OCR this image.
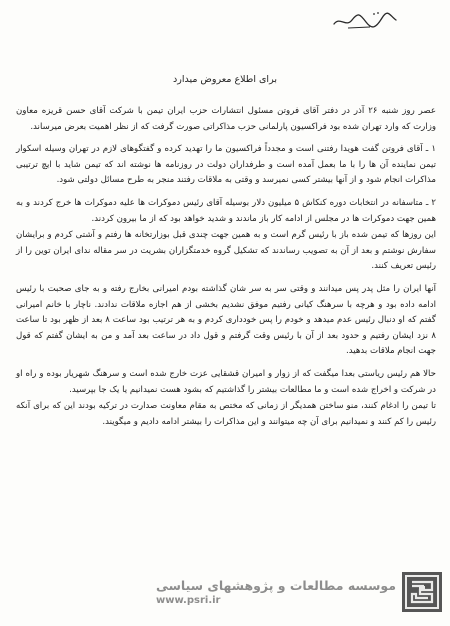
برای اطلاع معروض میدارد

عصر روز شنبه ۲۶ آذر در دفتر آقای فروتن مسئول انتشارات حزب ایران تیمن با شرکت آقای حسن قریزه معاون وزارت که وارد تهران شده بود فراکسیون پارلمانی حزب مذاکراتی صورت گرفت که از نظر اهمیت بعرض میرساند.

۱ ـ آقای فروتن گفت هویدا رفتنی است و مجدداً فراکسیون ما را تهدید کرده و گفتگوهای لازم در تهران وسیله اسکوار تیمن نماینده آن ها را با ما بعمل آمده است و طرفداران دولت در روزنامه ها نوشته اند که تیمن شاید با ایچ ترتیبی مذاکرات انجام شود و از آنها بیشتر کسی نمیرسد و وقتی به ملاقات رفتند منجر به طرح مسائل دولتی شود.

۲ ـ متاسفانه در انتخابات دوره کنکاش ۵ میلیون دلار بوسیله آقای رئیس دموکرات ها علیه دموکرات ها خرج کردند و به همین جهت دموکرات ها در مجلس از ادامه کار باز ماندند و شدید خواهد بود که از ما بیرون کردند.

این روزها که تیمن شده باز با رئیس گرم است و به همین جهت چندی قبل بوزارتخانه ها رفتم و آشتی کردم و برایشان سفارش نوشتم و بعد از آن به تصویب رساندند که تشکیل گروه خدمتگزاران بشریت در سر مقاله ندای ایران توین را از رئیس تعریف کنند.

آنها ایران را مثل پدر پس میدانند و وقتی سر به سر شان گذاشته بودم امیرانی بخارج رفته و به جای صحبت با رئیس ادامه داده بود و هرچه با سرهنگ کیانی رفتیم موفق نشدیم بخشی از هم اجازه ملاقات ندادند. ناچار با خانم امیرانی گفتم که او دنبال رئیس عدم میدهد و خودم را پس خودداری کردم و به هر ترتیب بود ساعت ۸ بعد از ظهر بود تا ساعت ۸ نزد ایشان رفتیم و حدود بعد از آن با رئیس وقت گرفتم و قول داد در ساعت بعد آمد و من به ایشان گفتم که قول جهت انجام ملاقات بدهید.

حالا هم رئیس ریاستی بعدا میگفت که از زوار و امیران قشقایی عزت خارج شده است و سرهنگ شهریار بوده و راه او در شرکت و اخراج شده است و ما مطالعات بیشتر را گذاشتیم که بشود هست نمیدانیم یا یک جا بپرسید.

تا تیمن را ادغام کنند، منو ساختن همدیگر از زمانی که مختص به مقام معاونت صدارت در ترکیه بودند این که برای آنکه رئیس را کم کنند و نمیدانیم برای آن چه میتوانند و این مذاکرات را بیشتر ادامه دادیم و میگویند.

موسسه مطالعات و پژوهشهای سیاسی
www.psri.ir
